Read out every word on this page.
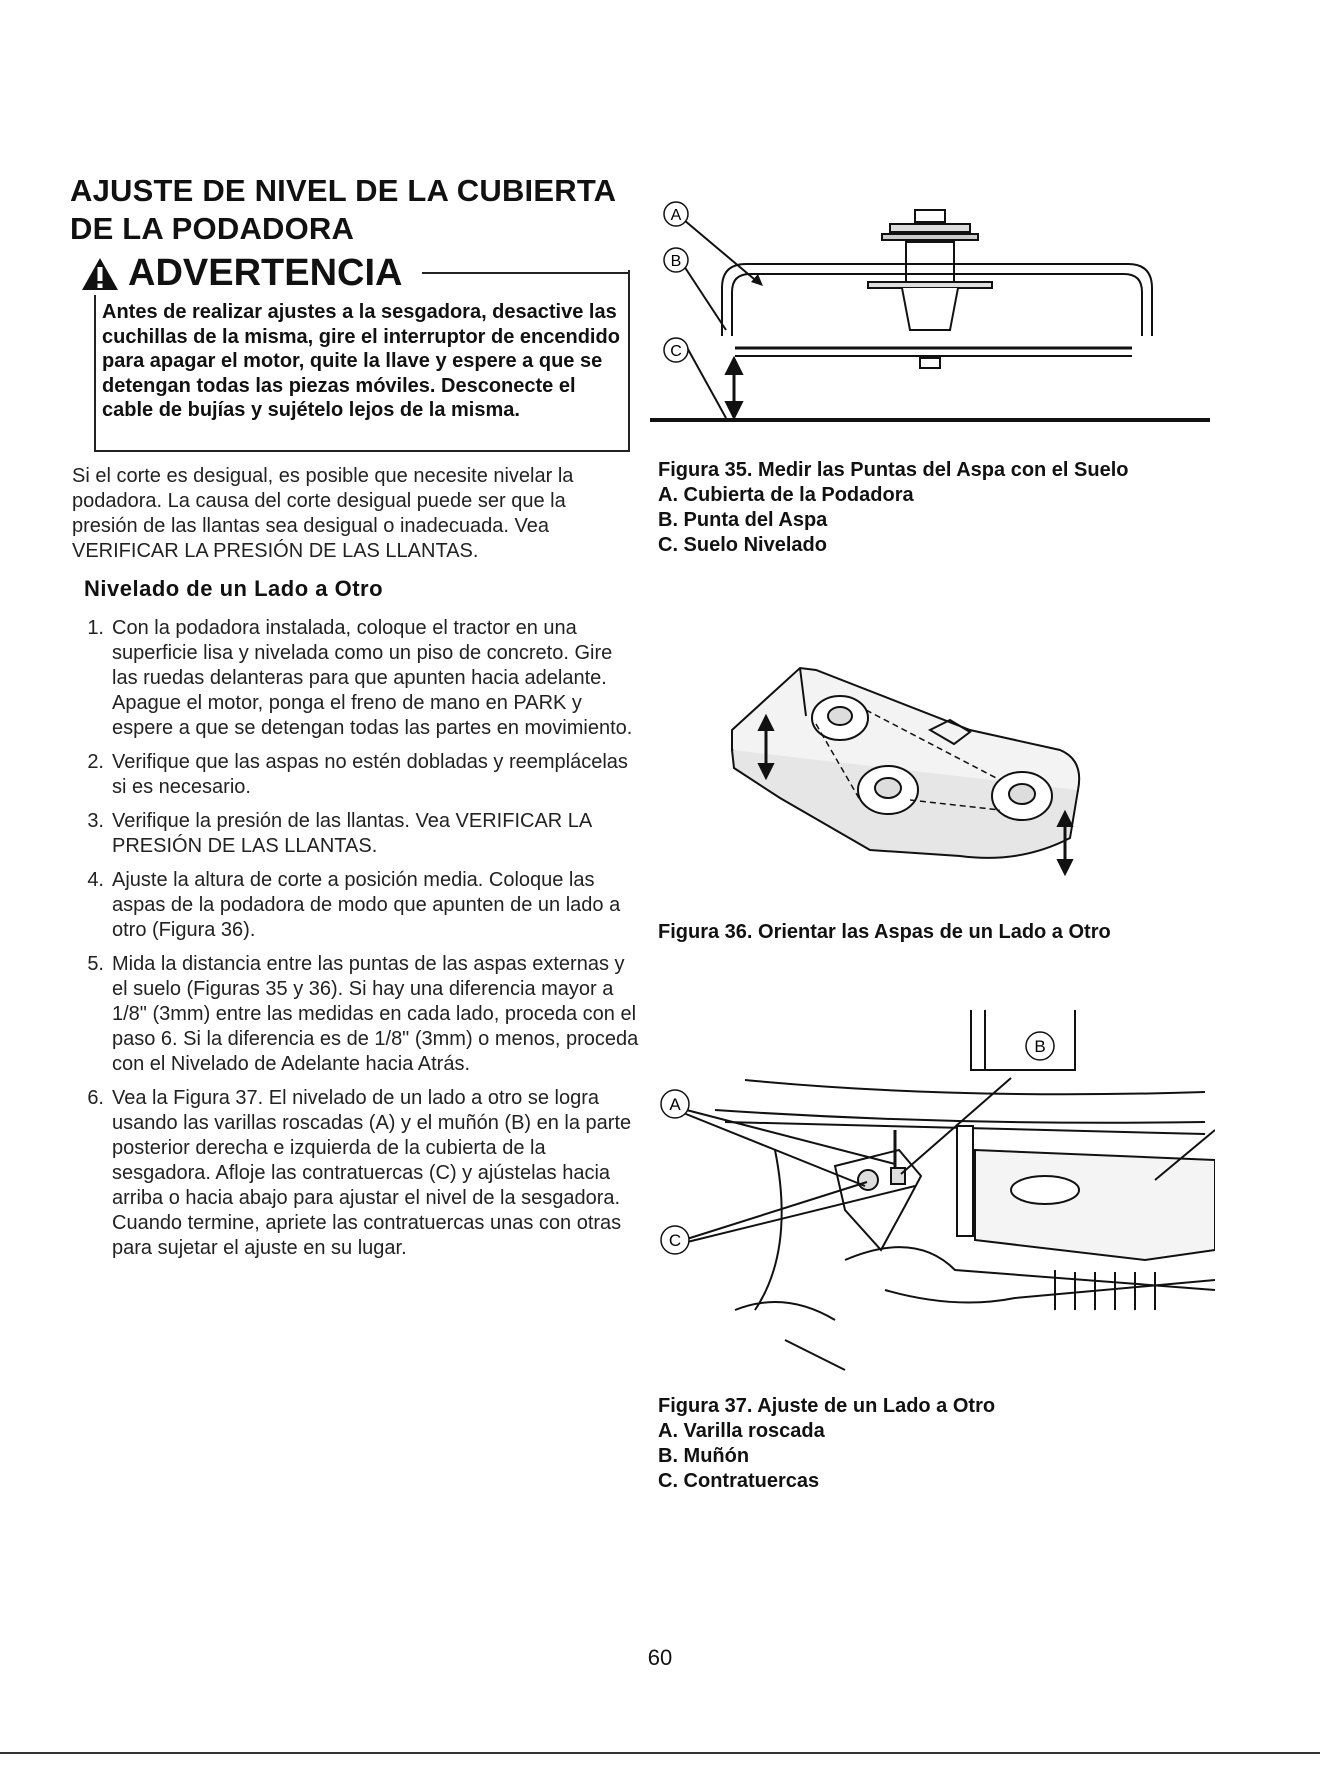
AJUSTE DE NIVEL DE LA CUBIERTA
DE LA PODADORA
ADVERTENCIA
Antes de realizar ajustes a la sesgadora, desactive las cuchillas de la misma, gire el interruptor de encendido para apagar el motor, quite la llave y espere a que se detengan todas las piezas móviles. Desconecte el cable de bujías y sujételo lejos de la misma.
Si el corte es desigual, es posible que necesite nivelar la podadora. La causa del corte desigual puede ser que la presión de las llantas sea desigual o inadecuada. Vea VERIFICAR LA PRESIÓN DE LAS LLANTAS.
Nivelado de un Lado a Otro
1. Con la podadora instalada, coloque el tractor en una superficie lisa y nivelada como un piso de concreto. Gire las ruedas delanteras para que apunten hacia adelante. Apague el motor, ponga el freno de mano en PARK y espere a que se detengan todas las partes en movimiento.
2. Verifique que las aspas no estén dobladas y reemplácelas si es necesario.
3. Verifique la presión de las llantas. Vea VERIFICAR LA PRESIÓN DE LAS LLANTAS.
4. Ajuste la altura de corte a posición media. Coloque las aspas de la podadora de modo que apunten de un lado a otro (Figura 36).
5. Mida la distancia entre las puntas de las aspas externas y el suelo (Figuras 35 y 36). Si hay una diferencia mayor a 1/8" (3mm) entre las medidas en cada lado, proceda con el paso 6. Si la diferencia es de 1/8" (3mm) o menos, proceda con el Nivelado de Adelante hacia Atrás.
6. Vea la Figura 37. El nivelado de un lado a otro se logra usando las varillas roscadas (A) y el muñón (B) en la parte posterior derecha e izquierda de la cubierta de la sesgadora. Afloje las contratuercas (C) y ajústelas hacia arriba o hacia abajo para ajustar el nivel de la sesgadora. Cuando termine, apriete las contratuercas unas con otras para sujetar el ajuste en su lugar.
A
B
C
Figura 35. Medir las Puntas del Aspa con el Suelo
A. Cubierta de la Podadora
B. Punta del Aspa
C. Suelo Nivelado
Figura 36. Orientar las Aspas de un Lado a Otro
A
B
C
Figura 37. Ajuste de un Lado a Otro
A. Varilla roscada
B. Muñón
C. Contratuercas
60
